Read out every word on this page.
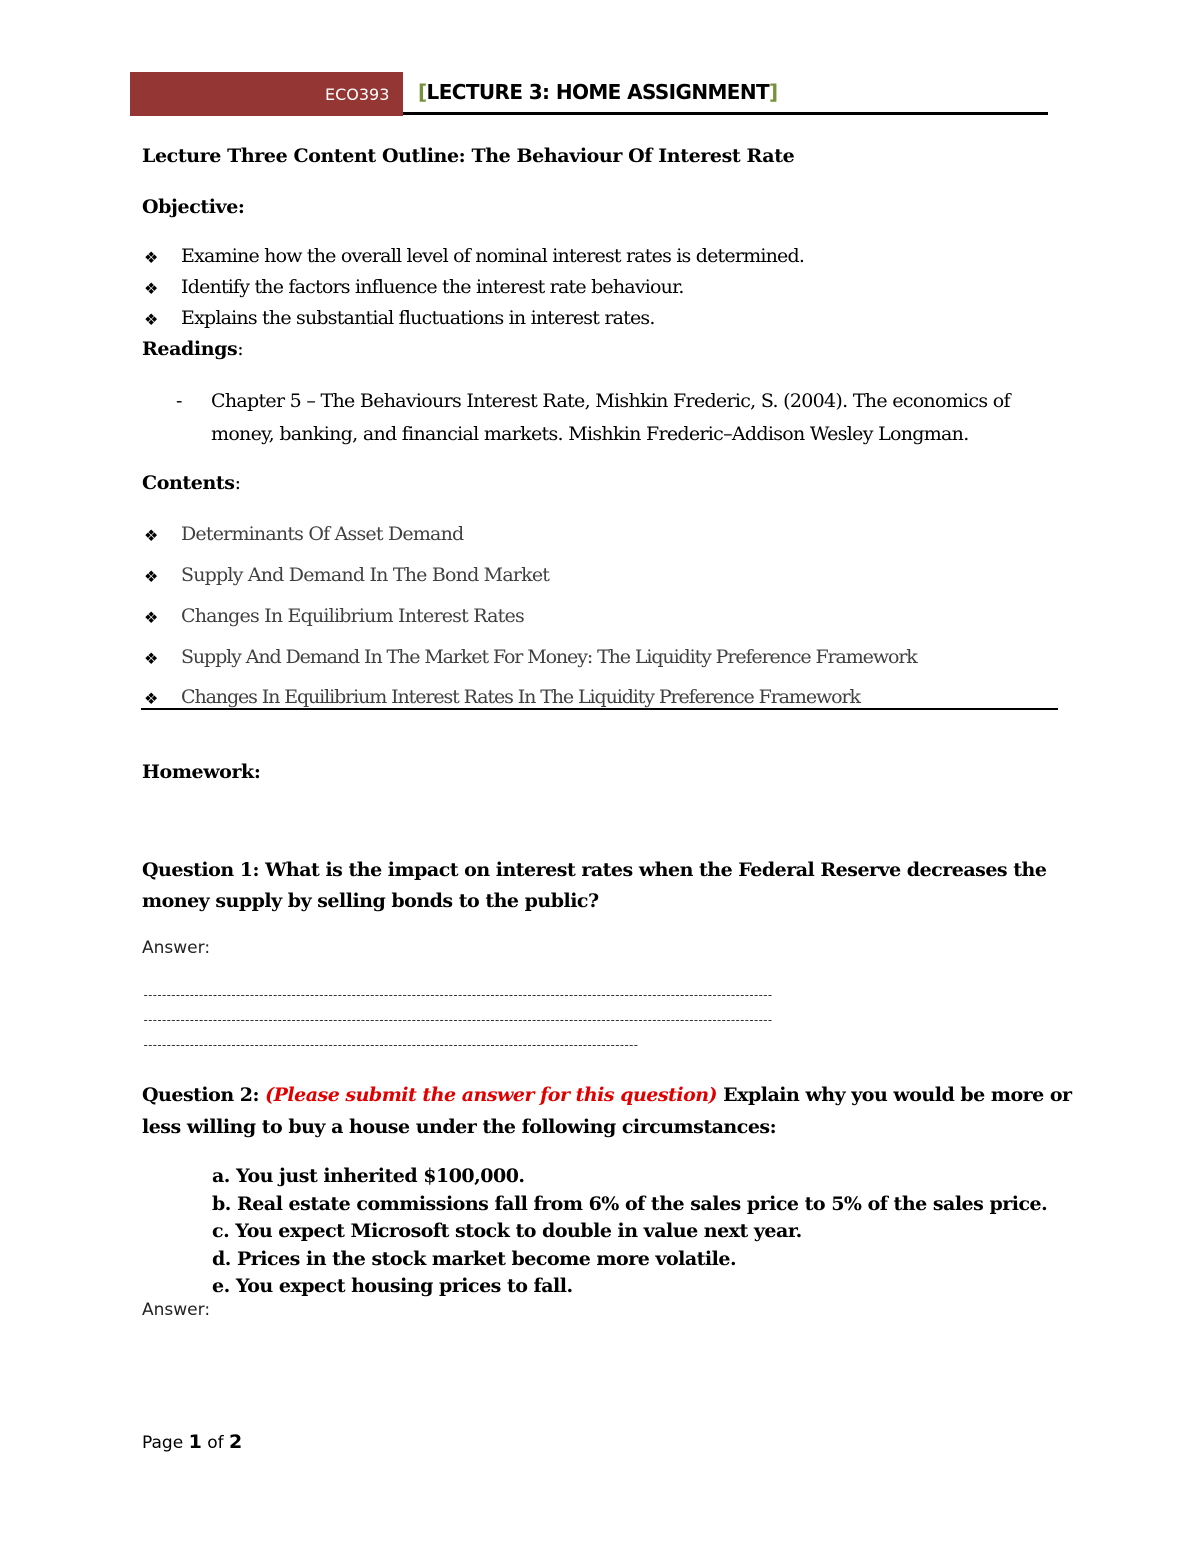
ECO393	[LECTURE 3: HOME ASSIGNMENT]
Lecture Three Content Outline: The Behaviour Of Interest Rate
Objective:
❖ Examine how the overall level of nominal interest rates is determined.
❖ Identify the factors influence the interest rate behaviour.
❖ Explains the substantial fluctuations in interest rates.
Readings:
- Chapter 5 – The Behaviours Interest Rate, Mishkin Frederic, S. (2004). The economics of
money, banking, and financial markets. Mishkin Frederic–Addison Wesley Longman.
Contents:
❖ Determinants Of Asset Demand
❖ Supply And Demand In The Bond Market
❖ Changes In Equilibrium Interest Rates
❖ Supply And Demand In The Market For Money: The Liquidity Preference Framework
❖ Changes In Equilibrium Interest Rates In The Liquidity Preference Framework
Homework:
Question 1: What is the impact on interest rates when the Federal Reserve decreases the
money supply by selling bonds to the public?
Answer:
----------------------------------------------------------------------------------------------------------------------------------------
----------------------------------------------------------------------------------------------------------------------------------------
-----------------------------------------------------------------------------------------------------------
Question 2: (Please submit the answer for this question) Explain why you would be more or
less willing to buy a house under the following circumstances:
a. You just inherited $100,000.
b. Real estate commissions fall from 6% of the sales price to 5% of the sales price.
c. You expect Microsoft stock to double in value next year.
d. Prices in the stock market become more volatile.
e. You expect housing prices to fall.
Answer:
Page 1 of 2
